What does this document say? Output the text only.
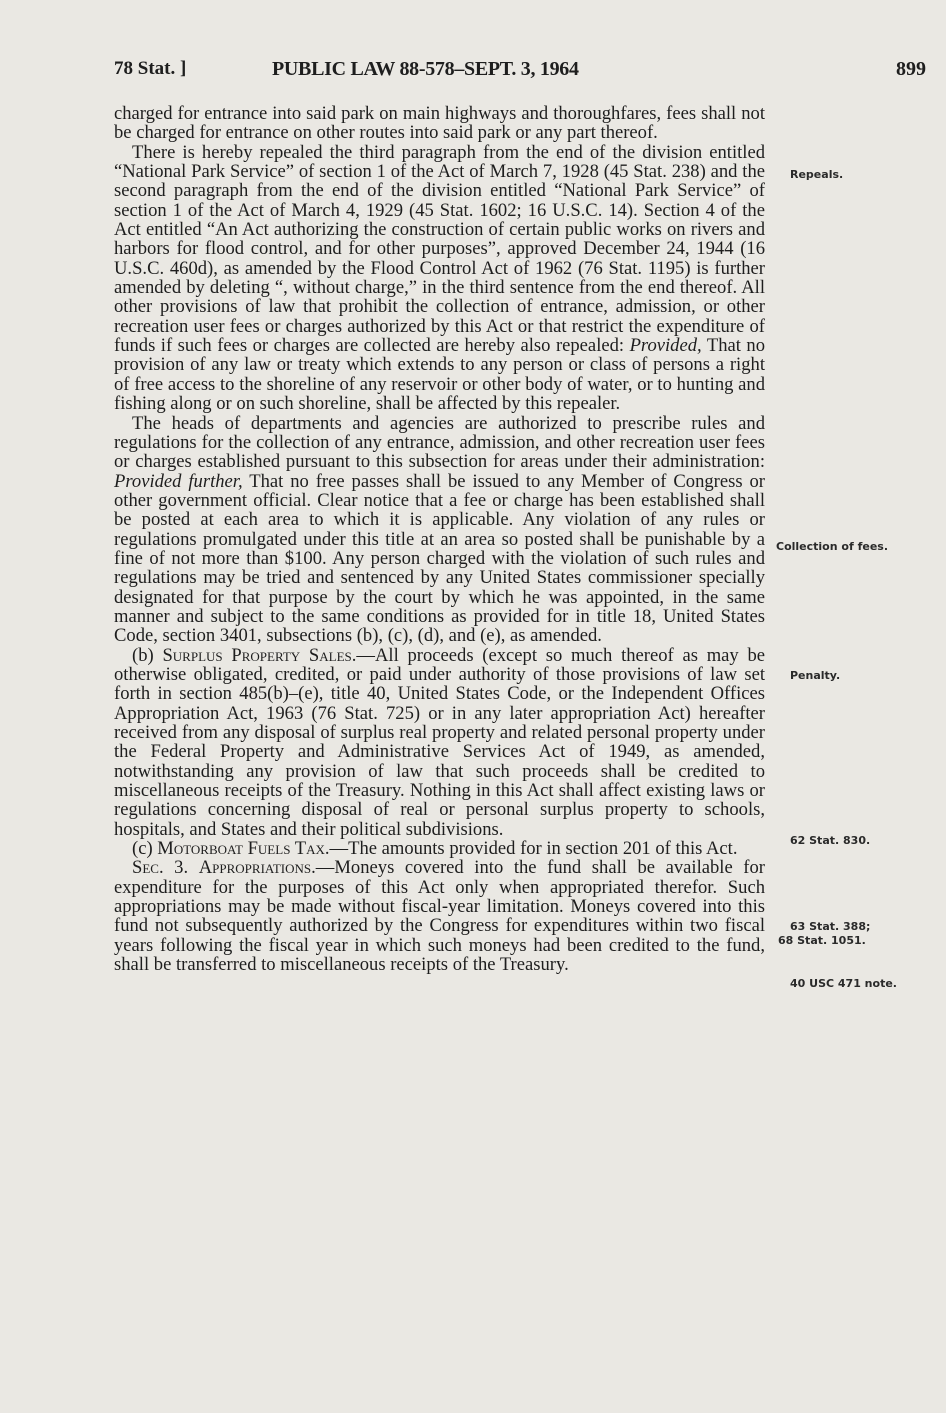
78 Stat. ]	PUBLIC LAW 88-578–SEPT. 3, 1964	899

charged for entrance into said park on main highways and thoroughfares, fees shall not be charged for entrance on other routes into said park or any part thereof.

There is hereby repealed the third paragraph from the end of the division entitled “National Park Service” of section 1 of the Act of March 7, 1928 (45 Stat. 238) and the second paragraph from the end of the division entitled “National Park Service” of section 1 of the Act of March 4, 1929 (45 Stat. 1602; 16 U.S.C. 14). Section 4 of the Act entitled “An Act authorizing the construction of certain public works on rivers and harbors for flood control, and for other purposes”, approved December 24, 1944 (16 U.S.C. 460d), as amended by the Flood Control Act of 1962 (76 Stat. 1195) is further amended by deleting “, without charge,” in the third sentence from the end thereof. All other provisions of law that prohibit the collection of entrance, admission, or other recreation user fees or charges authorized by this Act or that restrict the expenditure of funds if such fees or charges are collected are hereby also repealed: Provided, That no provision of any law or treaty which extends to any person or class of persons a right of free access to the shoreline of any reservoir or other body of water, or to hunting and fishing along or on such shoreline, shall be affected by this repealer.

The heads of departments and agencies are authorized to prescribe rules and regulations for the collection of any entrance, admission, and other recreation user fees or charges established pursuant to this subsection for areas under their administration: Provided further, That no free passes shall be issued to any Member of Congress or other government official. Clear notice that a fee or charge has been established shall be posted at each area to which it is applicable. Any violation of any rules or regulations promulgated under this title at an area so posted shall be punishable by a fine of not more than $100. Any person charged with the violation of such rules and regulations may be tried and sentenced by any United States commissioner specially designated for that purpose by the court by which he was appointed, in the same manner and subject to the same conditions as provided for in title 18, United States Code, section 3401, subsections (b), (c), (d), and (e), as amended.

(b) Surplus Property Sales.—All proceeds (except so much thereof as may be otherwise obligated, credited, or paid under authority of those provisions of law set forth in section 485(b)–(e), title 40, United States Code, or the Independent Offices Appropriation Act, 1963 (76 Stat. 725) or in any later appropriation Act) hereafter received from any disposal of surplus real property and related personal property under the Federal Property and Administrative Services Act of 1949, as amended, notwithstanding any provision of law that such proceeds shall be credited to miscellaneous receipts of the Treasury. Nothing in this Act shall affect existing laws or regulations concerning disposal of real or personal surplus property to schools, hospitals, and States and their political subdivisions.

(c) Motorboat Fuels Tax.—The amounts provided for in section 201 of this Act.

Sec. 3. Appropriations.—Moneys covered into the fund shall be available for expenditure for the purposes of this Act only when appropriated therefor. Such appropriations may be made without fiscal-year limitation. Moneys covered into this fund not subsequently authorized by the Congress for expenditures within two fiscal years following the fiscal year in which such moneys had been credited to the fund, shall be transferred to miscellaneous receipts of the Treasury.

Repeals.
Collection of fees.
Penalty.
62 Stat. 830.
63 Stat. 388;
68 Stat. 1051.
40 USC 471 note.
